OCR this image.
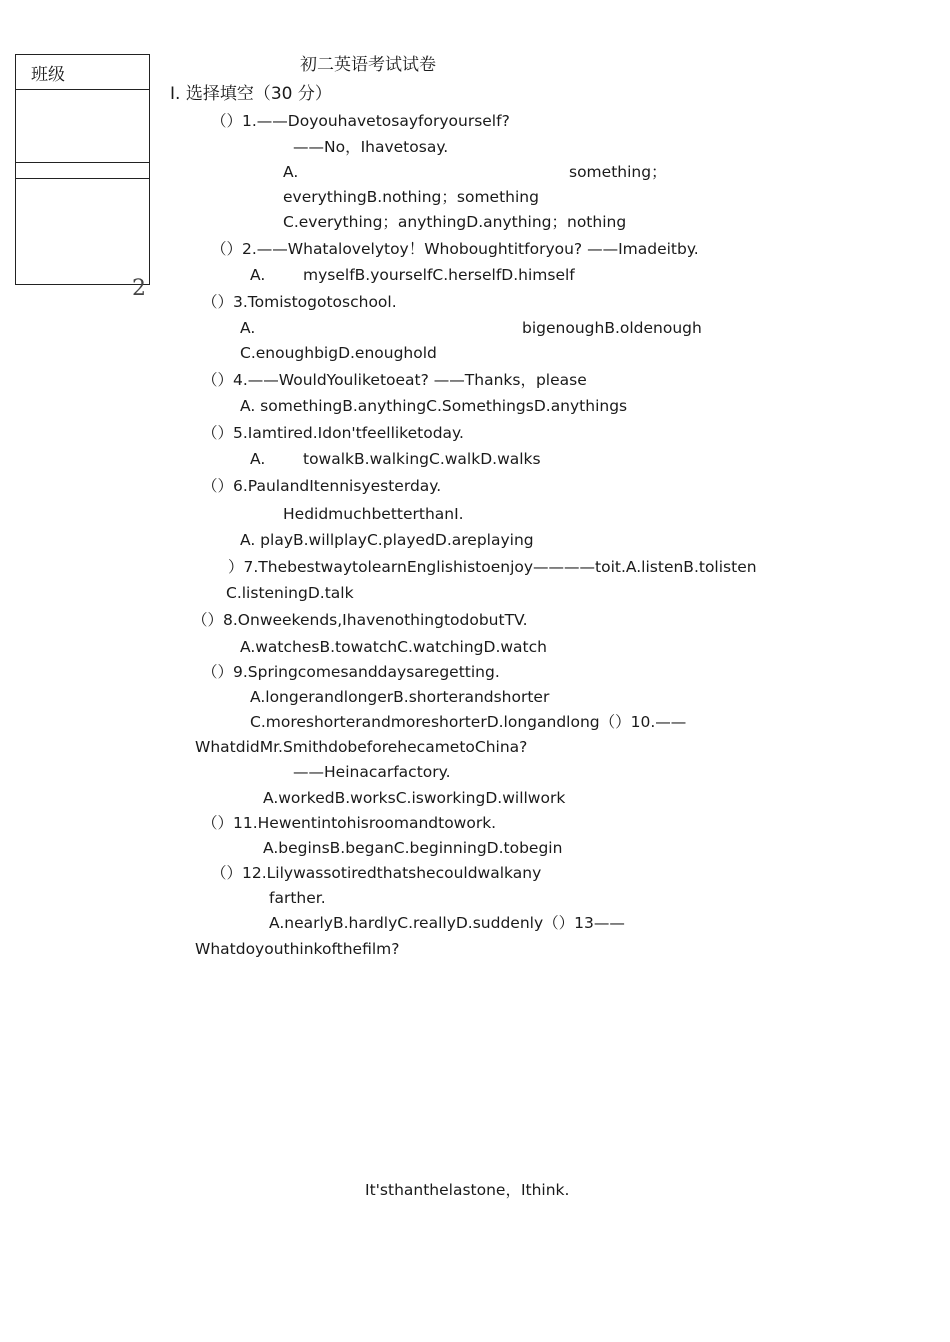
班级
2
初二英语考试试卷
I. 选择填空（30 分）
（）1.——Doyouhavetosayforyourself?
——No，Ihavetosay.
A.	something；
everythingB.nothing；something
C.everything；anythingD.anything；nothing
（）2.——Whatalovelytoy！Whoboughtitforyou? ——Imadeitby.
A. myselfB.yourselfC.herselfD.himself
（）3.Tomistogotoschool.
A.	bigenoughB.oldenough
C.enoughbigD.enoughold
（）4.——WouldYouliketoeat? ——Thanks，please
A. somethingB.anythingC.SomethingsD.anythings
（）5.Iamtired.Idon'tfeelliketoday.
A. towalkB.walkingC.walkD.walks
（）6.PaulandItennisyesterday.
HedidmuchbetterthanI.
A. playB.willplayC.playedD.areplaying
）7.ThebestwaytolearnEnglishistoenjoy————toit.A.listenB.tolisten
C.listeningD.talk
（）8.Onweekends,IhavenothingtodobutTV.
A.watchesB.towatchC.watchingD.watch
（）9.Springcomesanddaysaregetting.
A.longerandlongerB.shorterandshorter
C.moreshorterandmoreshorterD.longandlong（）10.——
WhatdidMr.SmithdobeforehecametoChina?
——Heinacarfactory.
A.workedB.worksC.isworkingD.willwork
（）11.Hewentintohisroomandtowork.
A.beginsB.beganC.beginningD.tobegin
（）12.Lilywassotiredthatshecouldwalkany
farther.
A.nearlyB.hardlyC.reallyD.suddenly（）13——
Whatdoyouthinkofthefilm?
It'sthanthelastone，Ithink.
